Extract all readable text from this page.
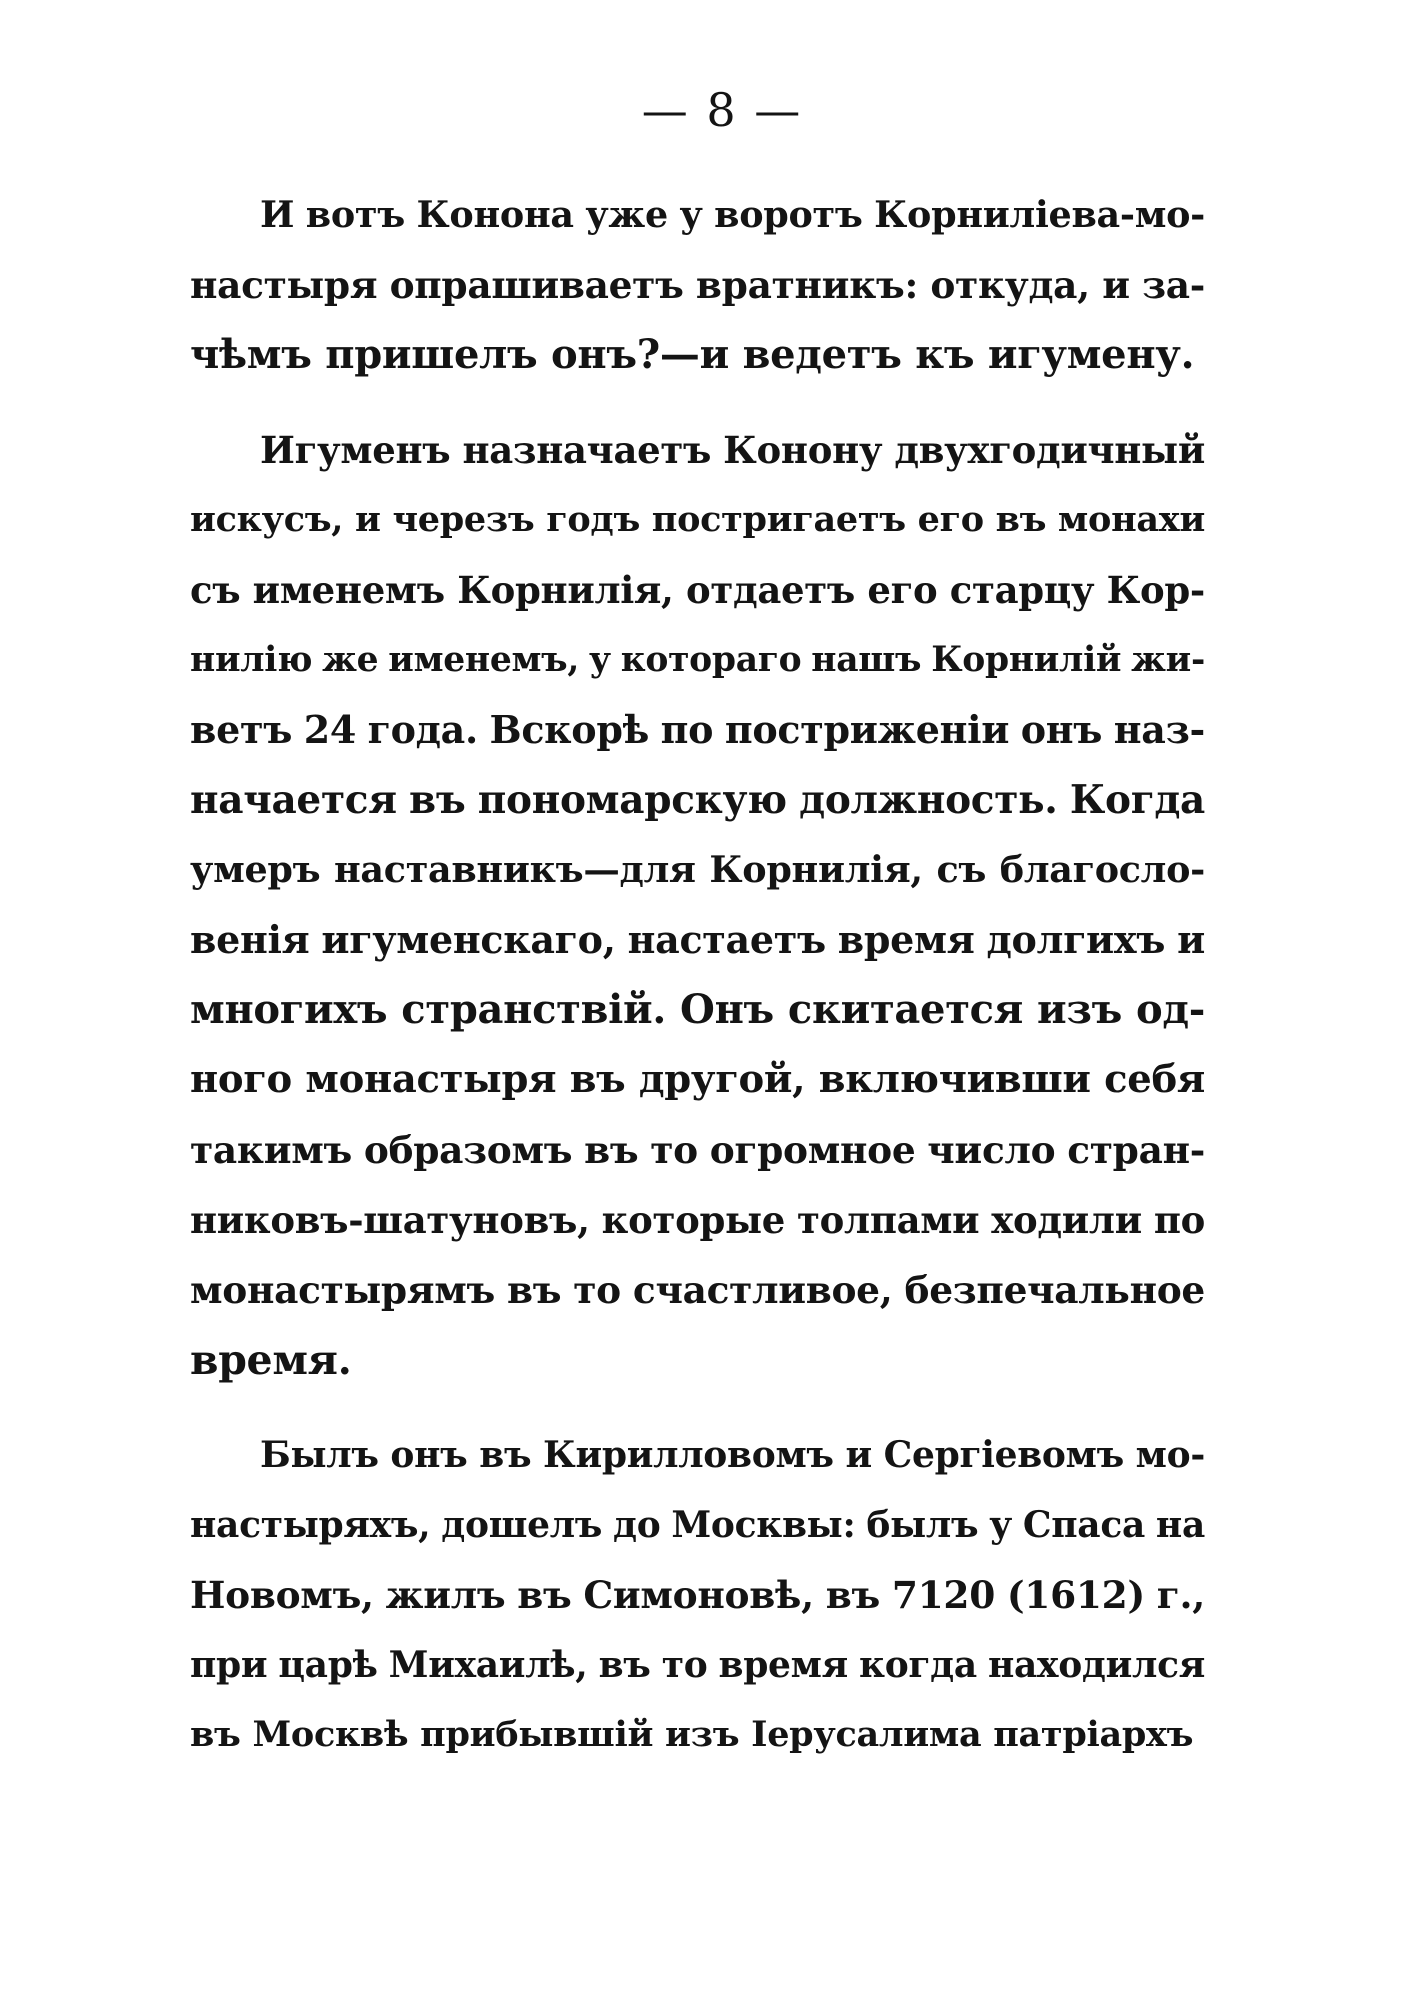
— 8 —
И вотъ Конона уже у воротъ Корниліева-мо-
настыря опрашиваетъ вратникъ: откуда, и за-
чѣмъ пришелъ онъ?—и ведетъ къ игумену.
Игуменъ назначаетъ Конону двухгодичный
искусъ, и черезъ годъ постригаетъ его въ монахи
съ именемъ Корнилія, отдаетъ его старцу Кор-
нилію же именемъ, у котораго нашъ Корнилій жи-
ветъ 24 года. Вскорѣ по постриженіи онъ наз-
начается въ пономарскую должность. Когда
умеръ наставникъ—для Корнилія, съ благосло-
венія игуменскаго, настаетъ время долгихъ и
многихъ странствій. Онъ скитается изъ од-
ного монастыря въ другой, включивши себя
такимъ образомъ въ то огромное число стран-
никовъ-шатуновъ, которые толпами ходили по
монастырямъ въ то счастливое, безпечальное
время.
Былъ онъ въ Кирилловомъ и Сергіевомъ мо-
настыряхъ, дошелъ до Москвы: былъ у Спаса на
Новомъ, жилъ въ Симоновѣ, въ 7120 (1612) г.,
при царѣ Михаилѣ, въ то время когда находился
въ Москвѣ прибывшій изъ Іерусалима патріархъ
